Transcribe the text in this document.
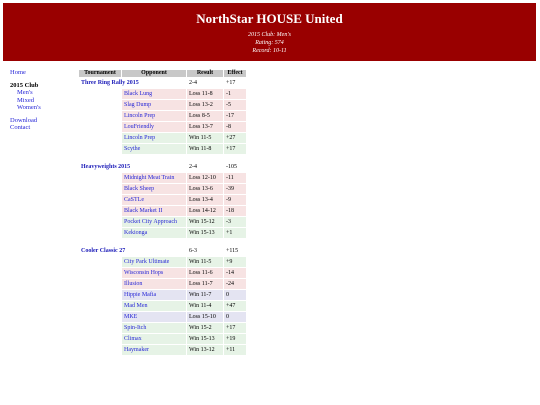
NorthStar HOUSE United
2015 Club: Men's
Rating: 574
Record: 10-11
Home
2015 Club
Men's
Mixed
Women's
Download
Contact
Tournament	Opponent	Result	Effect
Three Ring Rally 2015		2-4	+17
	Black Lung	Loss 11-8	-1
	Slag Dump	Loss 13-2	-5
	Lincoln Prep	Loss 8-5	-17
	LouFriendly	Loss 13-7	-8
	Lincoln Prep	Win 11-5	+27
	Scythe	Win 11-8	+17

Heavyweights 2015		2-4	-105
	Midnight Meat Train	Loss 12-10	-11
	Black Sheep	Loss 13-6	-39
	CaSTLe	Loss 13-4	-9
	Black Market II	Loss 14-12	-18
	Pocket City Approach	Win 15-12	-3
	Kekionga	Win 15-13	+1

Cooler Classic 27		6-3	+115
	City Park Ultimate	Win 11-5	+9
	Wisconsin Hops	Loss 11-6	-14
	Illusion	Loss 11-7	-24
	Hippie Mafia	Win 11-7	0
	Mad Men	Win 11-4	+47
	MKE	Loss 15-10	0
	Spin-Itch	Win 15-2	+17
	Climax	Win 15-13	+19
	Haymaker	Win 13-12	+11
